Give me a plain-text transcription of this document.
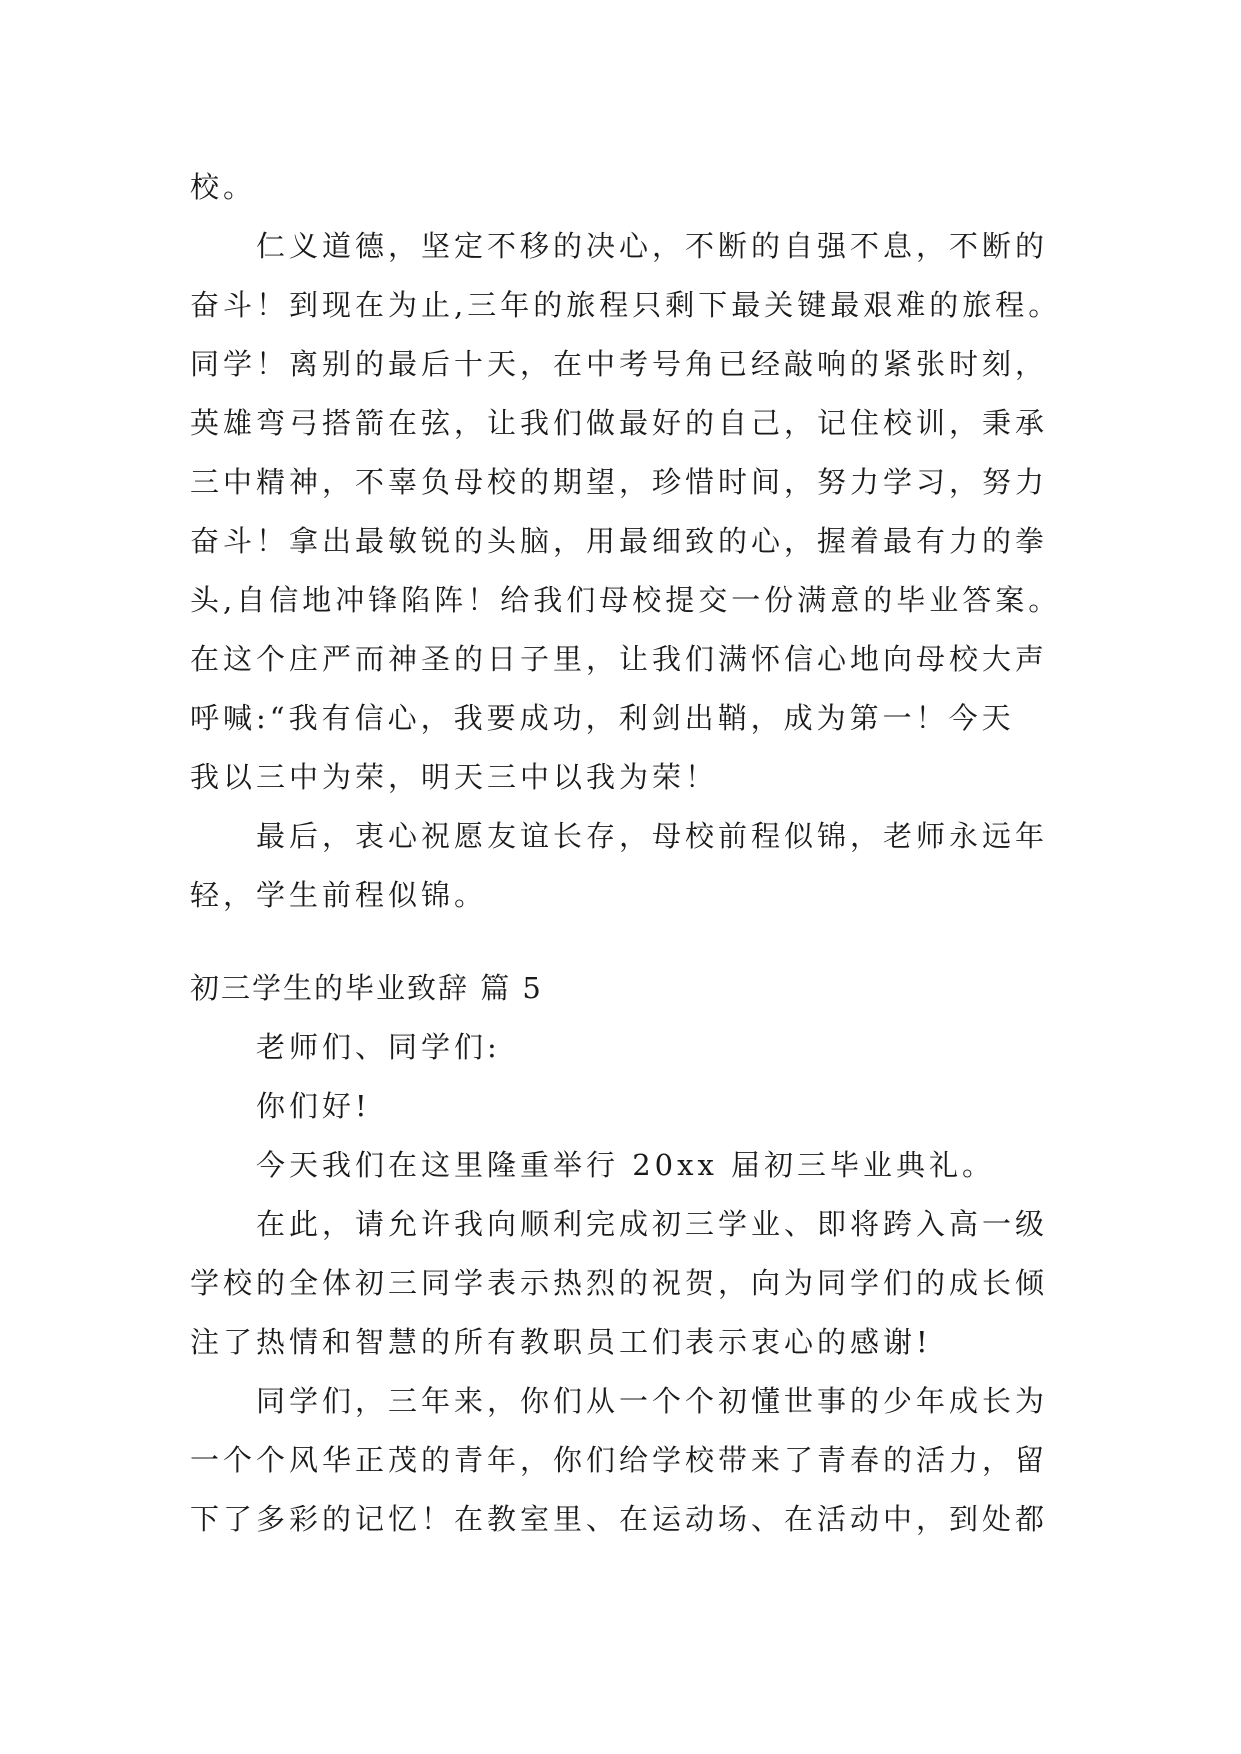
校。
仁义道德，坚定不移的决心，不断的自强不息，不断的
奋斗！到现在为止,三年的旅程只剩下最关键最艰难的旅程。
同学！离别的最后十天，在中考号角已经敲响的紧张时刻，
英雄弯弓搭箭在弦，让我们做最好的自己，记住校训，秉承
三中精神，不辜负母校的期望，珍惜时间，努力学习，努力
奋斗！拿出最敏锐的头脑，用最细致的心，握着最有力的拳
头,自信地冲锋陷阵！给我们母校提交一份满意的毕业答案。
在这个庄严而神圣的日子里，让我们满怀信心地向母校大声
呼喊:“我有信心，我要成功，利剑出鞘，成为第一！今天
我以三中为荣，明天三中以我为荣！
最后，衷心祝愿友谊长存，母校前程似锦，老师永远年
轻，学生前程似锦。
初三学生的毕业致辞 篇 5
老师们、同学们:
你们好!
今天我们在这里隆重举行 20xx 届初三毕业典礼。
在此，请允许我向顺利完成初三学业、即将跨入高一级
学校的全体初三同学表示热烈的祝贺，向为同学们的成长倾
注了热情和智慧的所有教职员工们表示衷心的感谢!
同学们，三年来，你们从一个个初懂世事的少年成长为
一个个风华正茂的青年，你们给学校带来了青春的活力，留
下了多彩的记忆！在教室里、在运动场、在活动中，到处都
